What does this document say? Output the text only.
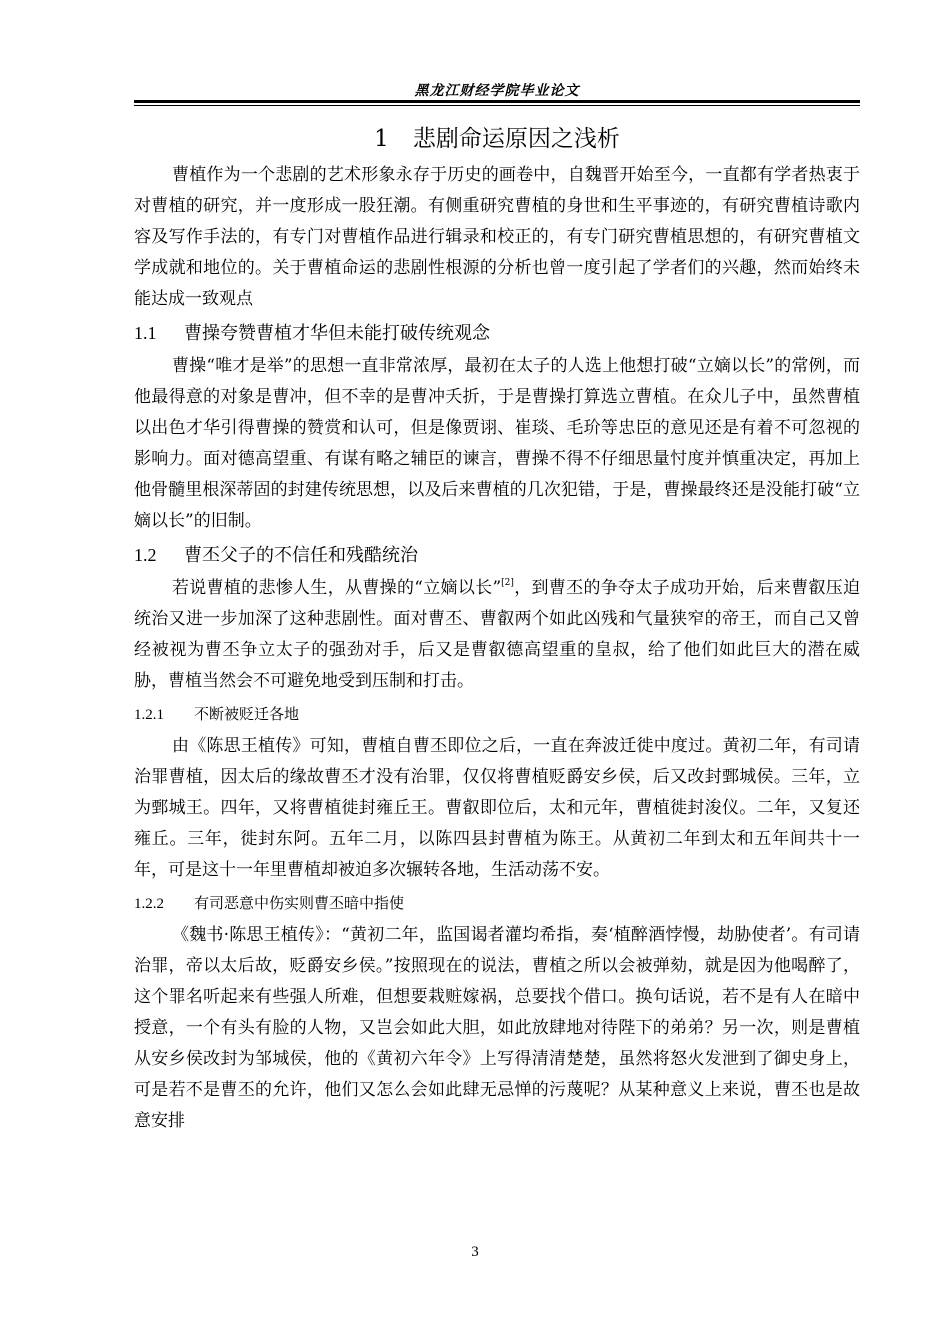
黑龙江财经学院毕业论文
1 悲剧命运原因之浅析

曹植作为一个悲剧的艺术形象永存于历史的画卷中，自魏晋开始至今，一直都有学者热衷于对曹植的研究，并一度形成一股狂潮。有侧重研究曹植的身世和生平事迹的，有研究曹植诗歌内容及写作手法的，有专门对曹植作品进行辑录和校正的，有专门研究曹植思想的，有研究曹植文学成就和地位的。关于曹植命运的悲剧性根源的分析也曾一度引起了学者们的兴趣，然而始终未能达成一致观点

1.1 曹操夸赞曹植才华但未能打破传统观念

曹操“唯才是举”的思想一直非常浓厚，最初在太子的人选上他想打破“立嫡以长”的常例，而他最得意的对象是曹冲，但不幸的是曹冲夭折，于是曹操打算选立曹植。在众儿子中，虽然曹植以出色才华引得曹操的赞赏和认可，但是像贾诩、崔琰、毛玠等忠臣的意见还是有着不可忽视的影响力。面对德高望重、有谋有略之辅臣的谏言，曹操不得不仔细思量忖度并慎重决定，再加上他骨髓里根深蒂固的封建传统思想，以及后来曹植的几次犯错，于是，曹操最终还是没能打破“立嫡以长”的旧制。

1.2 曹丕父子的不信任和残酷统治

若说曹植的悲惨人生，从曹操的“立嫡以长”[2]，到曹丕的争夺太子成功开始，后来曹叡压迫统治又进一步加深了这种悲剧性。面对曹丕、曹叡两个如此凶残和气量狭窄的帝王，而自己又曾经被视为曹丕争立太子的强劲对手，后又是曹叡德高望重的皇叔，给了他们如此巨大的潜在威胁，曹植当然会不可避免地受到压制和打击。

1.2.1 不断被贬迁各地

由《陈思王植传》可知，曹植自曹丕即位之后，一直在奔波迁徙中度过。黄初二年，有司请治罪曹植，因太后的缘故曹丕才没有治罪，仅仅将曹植贬爵安乡侯，后又改封鄄城侯。三年，立为鄄城王。四年，又将曹植徙封雍丘王。曹叡即位后，太和元年，曹植徙封浚仪。二年，又复还雍丘。三年，徙封东阿。五年二月，以陈四县封曹植为陈王。从黄初二年到太和五年间共十一年，可是这十一年里曹植却被迫多次辗转各地，生活动荡不安。

1.2.2 有司恶意中伤实则曹丕暗中指使

《魏书·陈思王植传》：“黄初二年，监国谒者灌均希指，奏‘植醉酒悖慢，劫胁使者’。有司请治罪，帝以太后故，贬爵安乡侯。”按照现在的说法，曹植之所以会被弹劾，就是因为他喝醉了，这个罪名听起来有些强人所难，但想要栽赃嫁祸，总要找个借口。换句话说，若不是有人在暗中授意，一个有头有脸的人物，又岂会如此大胆，如此放肆地对待陛下的弟弟？另一次，则是曹植从安乡侯改封为邹城侯，他的《黄初六年令》上写得清清楚楚，虽然将怒火发泄到了御史身上，可是若不是曹丕的允许，他们又怎么会如此肆无忌惮的污蔑呢？从某种意义上来说，曹丕也是故意安排

3
